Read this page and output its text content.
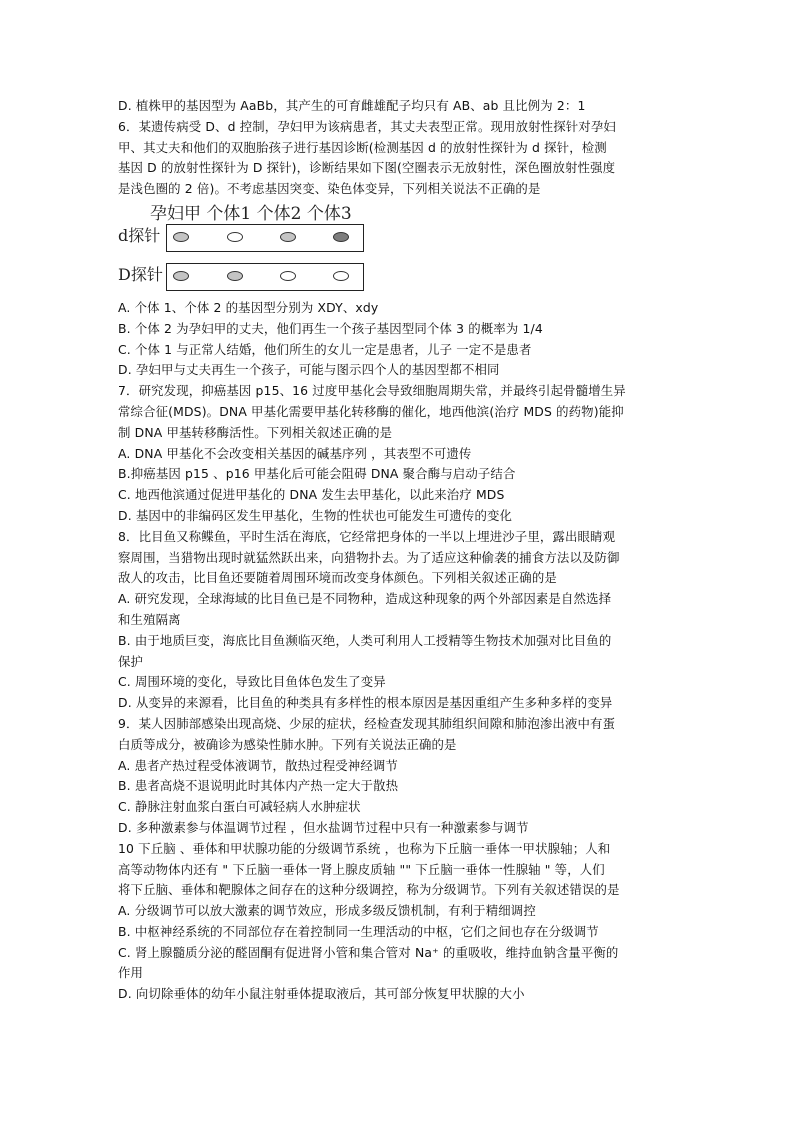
D. 植株甲的基因型为 AaBb，其产生的可育雌雄配子均只有 AB、ab 且比例为 2：1
6．某遗传病受 D、d 控制，孕妇甲为该病患者，其丈夫表型正常。现用放射性探针对孕妇
甲、其丈夫和他们的双胞胎孩子进行基因诊断(检测基因 d 的放射性探针为 d 探针，检测
基因 D 的放射性探针为 D 探针)，诊断结果如下图(空圈表示无放射性，深色圈放射性强度
是浅色圈的 2 倍)。不考虑基因突变、染色体变异，下列相关说法不正确的是
孕妇甲 个体1 个体2 个体3
d探针
D探针
A. 个体 1、个体 2 的基因型分别为 XDY、xdy
B. 个体 2 为孕妇甲的丈夫，他们再生一个孩子基因型同个体 3 的概率为 1/4
C. 个体 1 与正常人结婚，他们所生的女儿一定是患者，儿子 一定不是患者
D. 孕妇甲与丈夫再生一个孩子，可能与图示四个人的基因型都不相同
7．研究发现，抑癌基因 p15、16 过度甲基化会导致细胞周期失常，并最终引起骨髓增生异
常综合征(MDS)。DNA 甲基化需要甲基化转移酶的催化，地西他滨(治疗 MDS 的药物)能抑
制 DNA 甲基转移酶活性。下列相关叙述正确的是
A. DNA 甲基化不会改变相关基因的碱基序列 ，其表型不可遗传
B.抑癌基因 p15 、p16 甲基化后可能会阻碍 DNA 聚合酶与启动子结合
C. 地西他滨通过促进甲基化的 DNA 发生去甲基化，以此来治疗 MDS
D. 基因中的非编码区发生甲基化，生物的性状也可能发生可遗传的变化
8．比目鱼又称鲽鱼，平时生活在海底，它经常把身体的一半以上埋进沙子里，露出眼睛观
察周围，当猎物出现时就猛然跃出来，向猎物扑去。为了适应这种偷袭的捕食方法以及防御
敌人的攻击，比目鱼还要随着周围环境而改变身体颜色。下列相关叙述正确的是
A. 研究发现，全球海域的比目鱼已是不同物种，造成这种现象的两个外部因素是自然选择
和生殖隔离
B. 由于地质巨变，海底比目鱼濒临灭绝，人类可利用人工授精等生物技术加强对比目鱼的
保护
C. 周围环境的变化，导致比目鱼体色发生了变异
D. 从变异的来源看，比目鱼的种类具有多样性的根本原因是基因重组产生多种多样的变异
9．某人因肺部感染出现高烧、少尿的症状，经检查发现其肺组织间隙和肺泡渗出液中有蛋
白质等成分，被确诊为感染性肺水肿。下列有关说法正确的是
A. 患者产热过程受体液调节，散热过程受神经调节
B. 患者高烧不退说明此时其体内产热一定大于散热
C. 静脉注射血浆白蛋白可减轻病人水肿症状
D. 多种激素参与体温调节过程 ，但水盐调节过程中只有一种激素参与调节
10 下丘脑 、垂体和甲状腺功能的分级调节系统 ，也称为下丘脑一垂体一甲状腺轴；人和
高等动物体内还有 " 下丘脑一垂体一肾上腺皮质轴 "" 下丘脑一垂体一性腺轴 " 等，人们
将下丘脑、垂体和靶腺体之间存在的这种分级调控，称为分级调节。下列有关叙述错误的是
A. 分级调节可以放大激素的调节效应，形成多级反馈机制，有利于精细调控
B. 中枢神经系统的不同部位存在着控制同一生理活动的中枢，它们之间也存在分级调节
C. 肾上腺髓质分泌的醛固酮有促进肾小管和集合管对 Na⁺ 的重吸收，维持血钠含量平衡的
作用
D. 向切除垂体的幼年小鼠注射垂体提取液后，其可部分恢复甲状腺的大小
